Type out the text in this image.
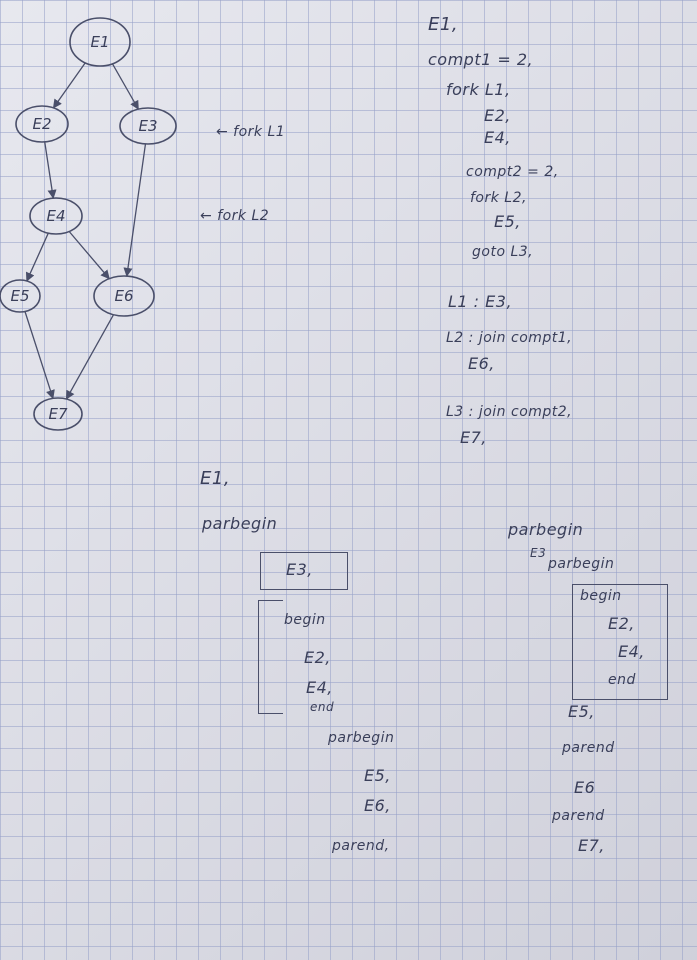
E1
E2	E3
E4
E5	E6
E7
← fork L1
← fork L2
E1,
compt1 = 2,
fork L1,
E2,
E4,
compt2 = 2,
fork L2,
E5,
goto L3,
L1 : E3,
L2 : join compt1,
E6,
L3 : join compt2,
E7,
E1,
parbegin
E3,
begin
E2,
E4,
end
parbegin
E5,
E6,
parend,
parbegin
E3
parbegin
begin
E2,
E4,
end
E5,
parend
E6
parend
E7,
